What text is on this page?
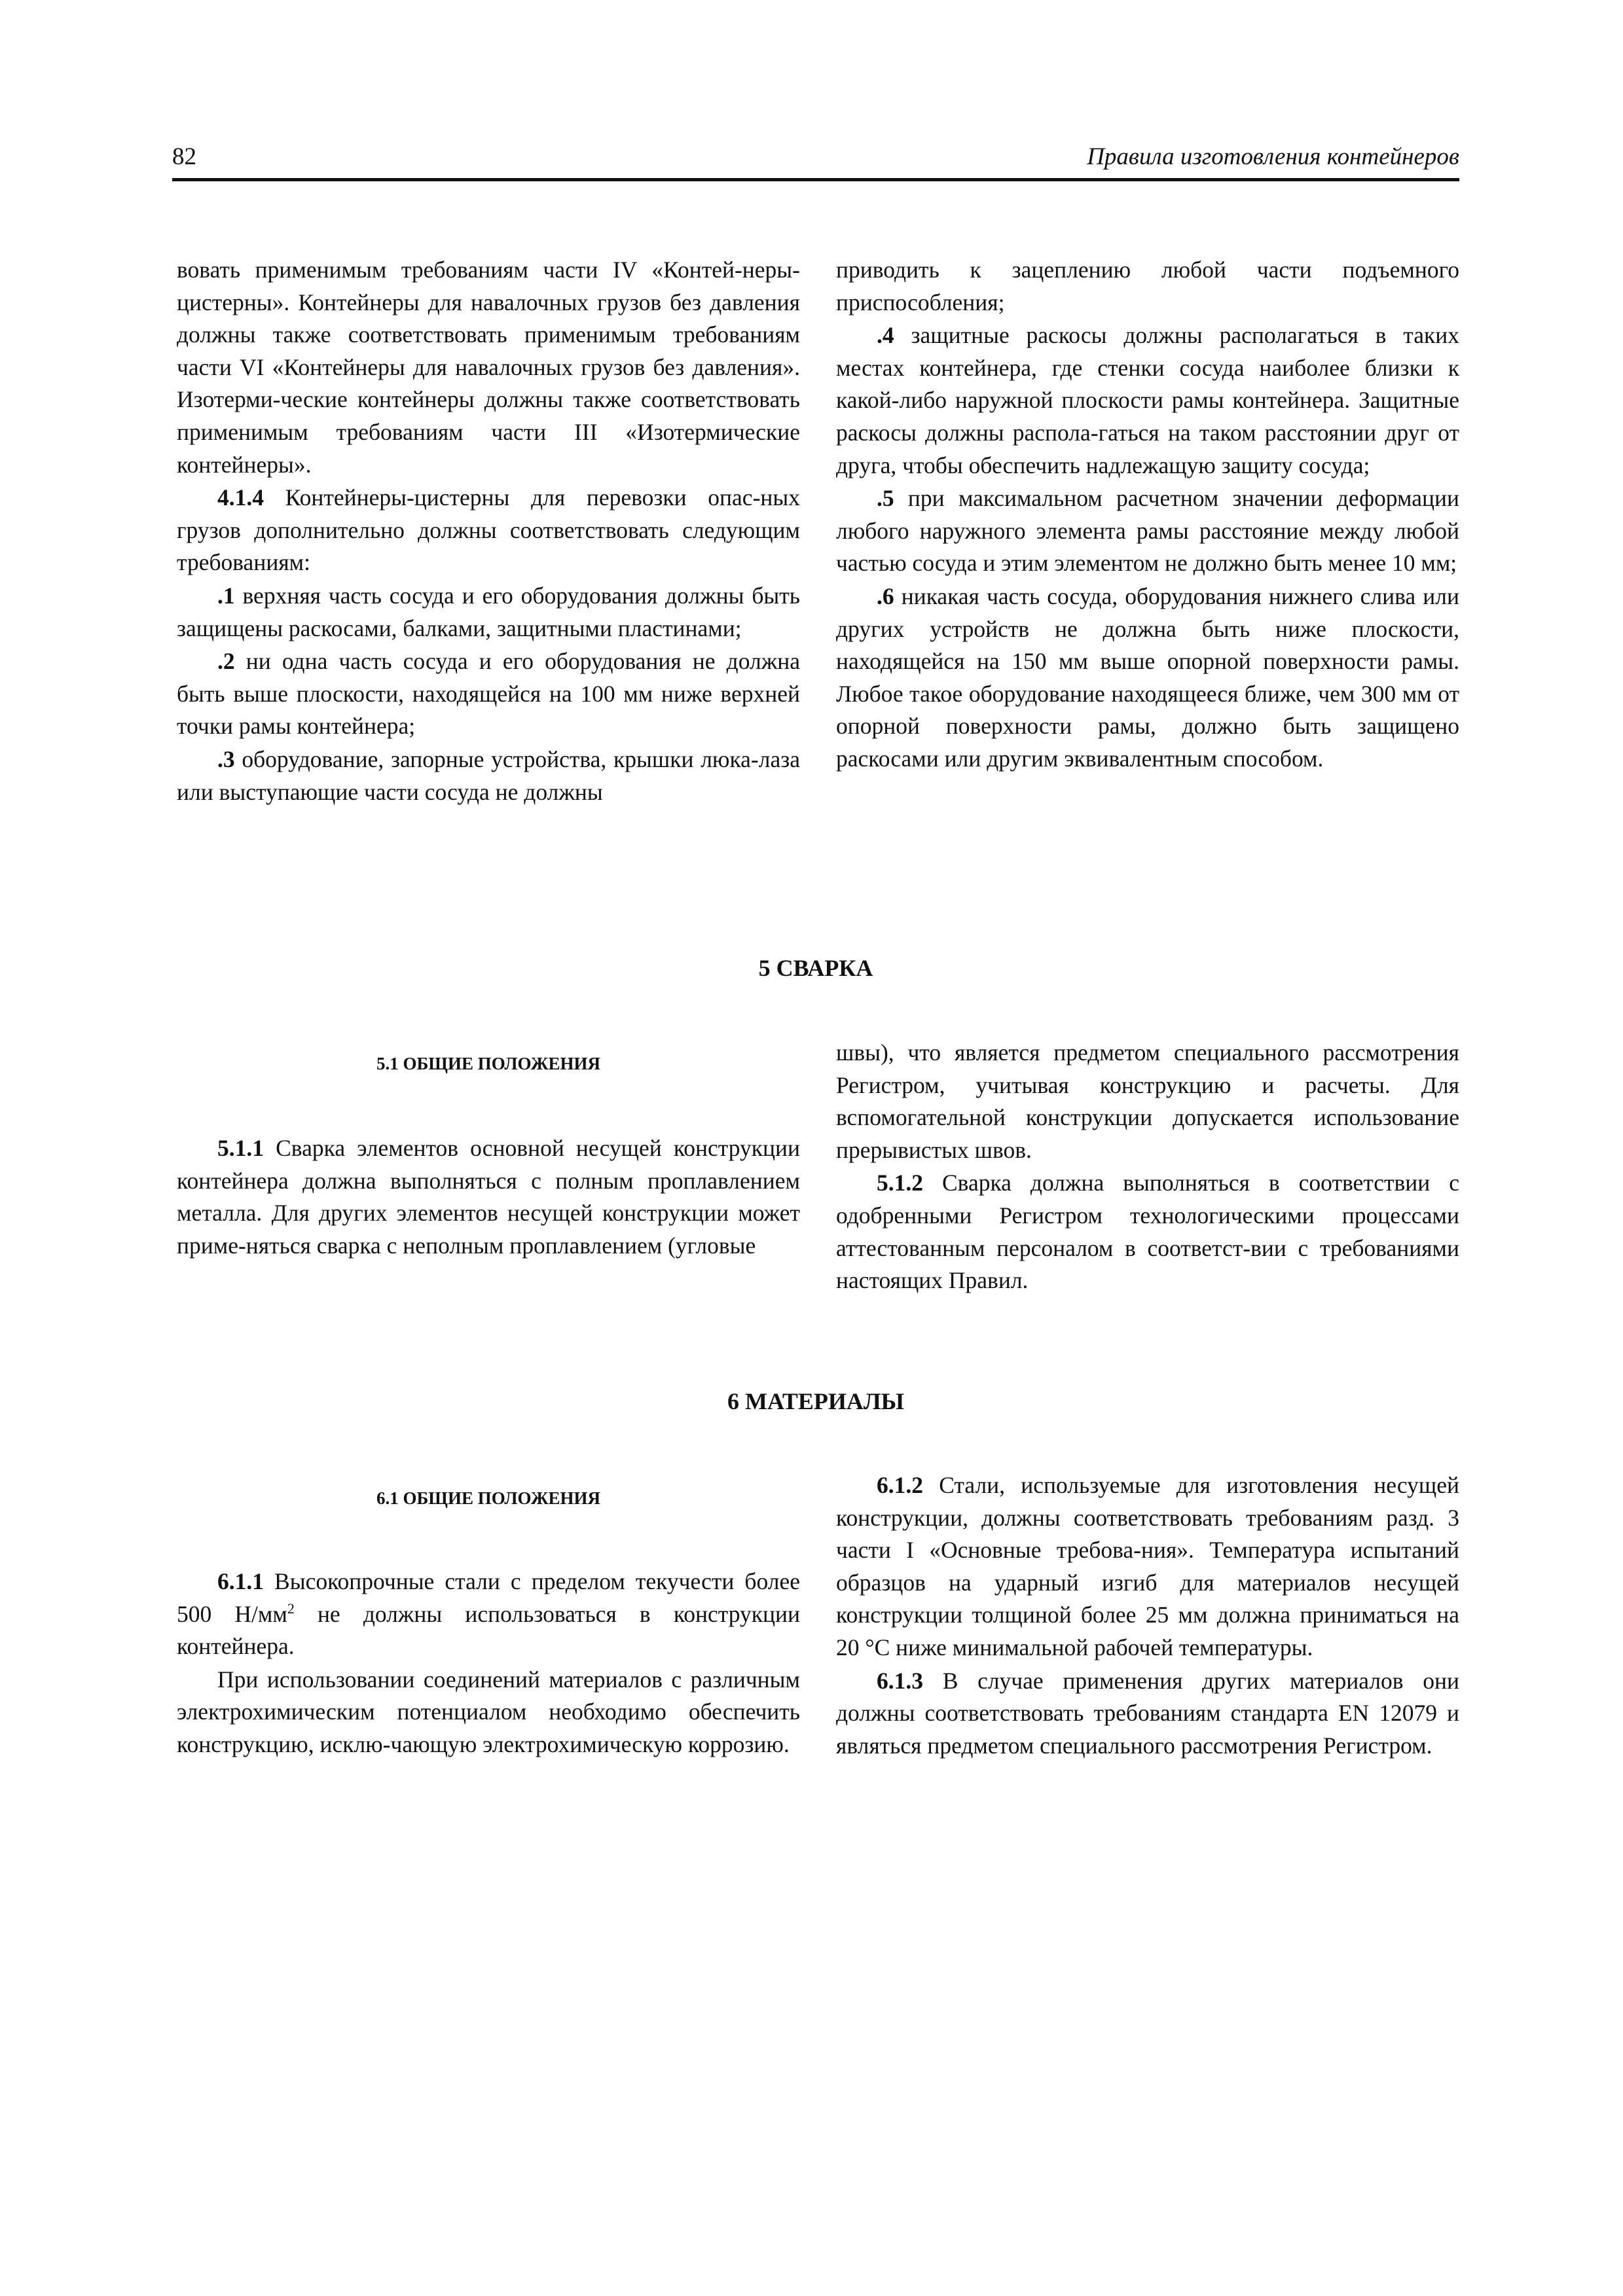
82	Правила изготовления контейнеров

вовать применимым требованиям части IV «Контей-неры-цистерны». Контейнеры для навалочных грузов без давления должны также соответствовать применимым требованиям части VI «Контейнеры для навалочных грузов без давления». Изотерми-ческие контейнеры должны также соответствовать применимым требованиям части III «Изотермические контейнеры».

4.1.4 Контейнеры-цистерны для перевозки опас-ных грузов дополнительно должны соответствовать следующим требованиям:

.1 верхняя часть сосуда и его оборудования должны быть защищены раскосами, балками, защитными пластинами;

.2 ни одна часть сосуда и его оборудования не должна быть выше плоскости, находящейся на 100 мм ниже верхней точки рамы контейнера;

.3 оборудование, запорные устройства, крышки люка-лаза или выступающие части сосуда не должны

приводить к зацеплению любой части подъемного приспособления;

.4 защитные раскосы должны располагаться в таких местах контейнера, где стенки сосуда наиболее близки к какой-либо наружной плоскости рамы контейнера. Защитные раскосы должны распола-гаться на таком расстоянии друг от друга, чтобы обеспечить надлежащую защиту сосуда;

.5 при максимальном расчетном значении деформации любого наружного элемента рамы расстояние между любой частью сосуда и этим элементом не должно быть менее 10 мм;

.6 никакая часть сосуда, оборудования нижнего слива или других устройств не должна быть ниже плоскости, находящейся на 150 мм выше опорной поверхности рамы. Любое такое оборудование находящееся ближе, чем 300 мм от опорной поверхности рамы, должно быть защищено раскосами или другим эквивалентным способом.

5 СВАРКА
5.1 ОБЩИЕ ПОЛОЖЕНИЯ

5.1.1 Сварка элементов основной несущей конструкции контейнера должна выполняться с полным проплавлением металла. Для других элементов несущей конструкции может приме-няться сварка с неполным проплавлением (угловые

швы), что является предметом специального рассмотрения Регистром, учитывая конструкцию и расчеты. Для вспомогательной конструкции допускается использование прерывистых швов.

5.1.2 Сварка должна выполняться в соответствии с одобренными Регистром технологическими процессами аттестованным персоналом в соответст-вии с требованиями настоящих Правил.

6 МАТЕРИАЛЫ
6.1 ОБЩИЕ ПОЛОЖЕНИЯ

6.1.1 Высокопрочные стали с пределом текучести более 500 $Н/мм^2$ не должны использоваться в конструкции контейнера.

При использовании соединений материалов с различным электрохимическим потенциалом необходимо обеспечить конструкцию, исклю-чающую электрохимическую коррозию.

6.1.2 Стали, используемые для изготовления несущей конструкции, должны соответствовать требованиям разд. 3 части I «Основные требова-ния». Температура испытаний образцов на ударный изгиб для материалов несущей конструкции толщиной более 25 мм должна приниматься на 20 °С ниже минимальной рабочей температуры.

6.1.3 В случае применения других материалов они должны соответствовать требованиям стандарта EN 12079 и являться предметом специального рассмотрения Регистром.
